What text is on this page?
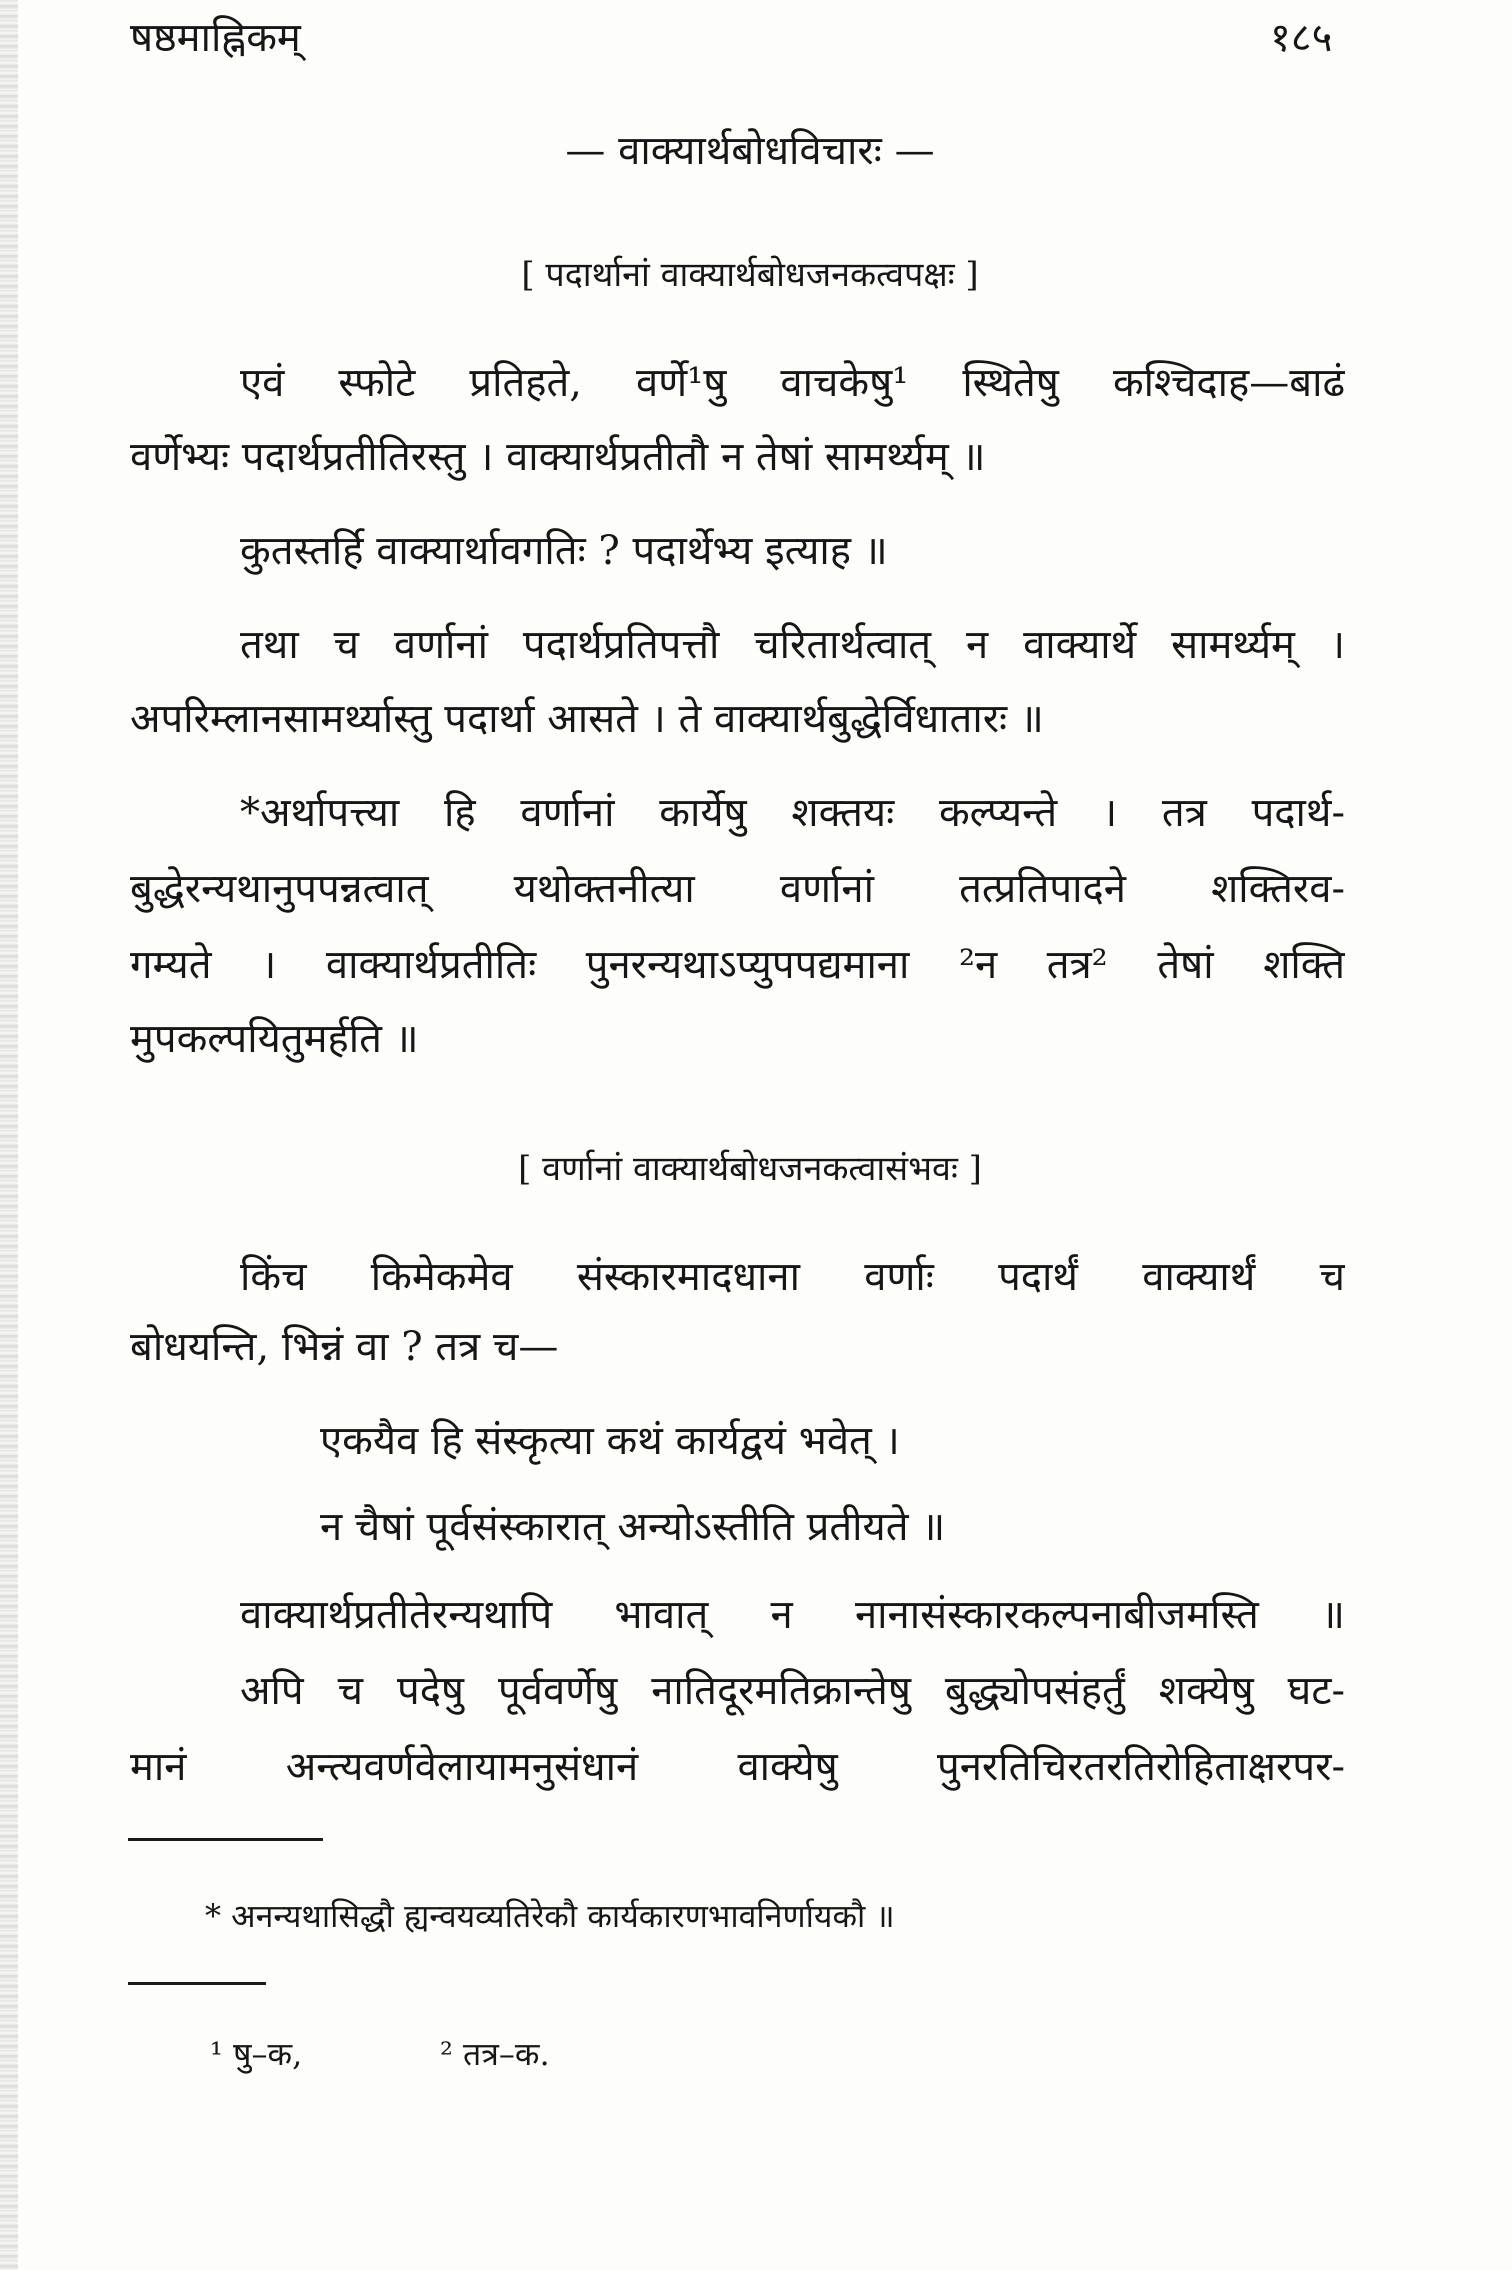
षष्ठमाह्निकम्	१८५
— वाक्यार्थबोधविचारः —
[ पदार्थानां वाक्यार्थबोधजनकत्वपक्षः ]
एवं स्फोटे प्रतिहते, वर्णे¹षु वाचकेषु¹ स्थितेषु कश्चिदाह—बाढं
वर्णेभ्यः पदार्थप्रतीतिरस्तु । वाक्यार्थप्रतीतौ न तेषां सामर्थ्यम् ॥
कुतस्तर्हि वाक्यार्थावगतिः ? पदार्थेभ्य इत्याह ॥
तथा च वर्णानां पदार्थप्रतिपत्तौ चरितार्थत्वात् न वाक्यार्थे सामर्थ्यम् ।
अपरिम्लानसामर्थ्यास्तु पदार्था आसते । ते वाक्यार्थबुद्धेर्विधातारः ॥
*अर्थापत्त्या हि वर्णानां कार्येषु शक्तयः कल्प्यन्ते । तत्र पदार्थ-
बुद्धेरन्यथानुपपन्नत्वात् यथोक्तनीत्या वर्णानां तत्प्रतिपादने शक्तिरव-
गम्यते । वाक्यार्थप्रतीतिः पुनरन्यथाऽप्युपपद्यमाना ²न तत्र² तेषां शक्ति
मुपकल्पयितुमर्हति ॥
[ वर्णानां वाक्यार्थबोधजनकत्वासंभवः ]
किंच किमेकमेव संस्कारमादधाना वर्णाः पदार्थं वाक्यार्थं च
बोधयन्ति, भिन्नं वा ? तत्र च—
एकयैव हि संस्कृत्या कथं कार्यद्वयं भवेत् ।
न चैषां पूर्वसंस्कारात् अन्योऽस्तीति प्रतीयते ॥
वाक्यार्थप्रतीतेरन्यथापि भावात् न नानासंस्कारकल्पनाबीजमस्ति ॥
अपि च पदेषु पूर्ववर्णेषु नातिदूरमतिक्रान्तेषु बुद्ध्योपसंहर्तुं शक्येषु घट-
मानं अन्त्यवर्णवेलायामनुसंधानं वाक्येषु पुनरतिचिरतरतिरोहिताक्षरपर-
* अनन्यथासिद्धौ ह्यन्वयव्यतिरेकौ कार्यकारणभावनिर्णायकौ ॥
¹ षु–क,	² तत्र–क.
